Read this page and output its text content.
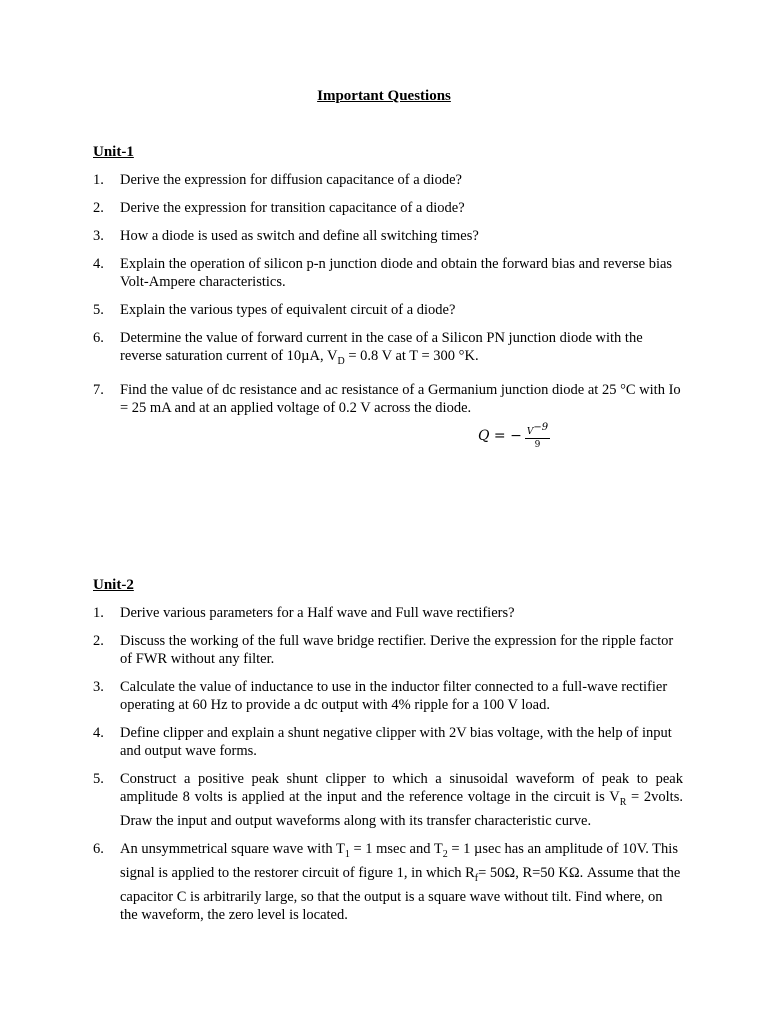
Important Questions
Unit-1
1.	Derive the expression for diffusion capacitance of a diode?
2.	Derive the expression for transition capacitance of a diode?
3.	How a diode is used as switch and define all switching times?
4.	Explain the operation of silicon p-n junction diode and obtain the forward bias and reverse bias Volt-Ampere characteristics.
5.	Explain the various types of equivalent circuit of a diode?
6.	Determine the value of forward current in the case of a Silicon PN junction diode with the reverse saturation current of 10µA, $V_D = 0.8$ V at T = 300 °K.
7.	Find the value of dc resistance and ac resistance of a Germanium junction diode at 25 °C with Io = 25 mA and at an applied voltage of 0.2 V across the diode.
Q = − $\frac{V^{-9}}{9}$
Unit-2
1.	Derive various parameters for a Half wave and Full wave rectifiers?
2.	Discuss the working of the full wave bridge rectifier. Derive the expression for the ripple factor of FWR without any filter.
3.	Calculate the value of inductance to use in the inductor filter connected to a full-wave rectifier operating at 60 Hz to provide a dc output with 4% ripple for a 100 V load.
4.	Define clipper and explain a shunt negative clipper with 2V bias voltage, with the help of input and output wave forms.
5.	Construct a positive peak shunt clipper to which a sinusoidal waveform of peak to peak amplitude 8 volts is applied at the input and the reference voltage in the circuit is $V_R$ = 2volts. Draw the input and output waveforms along with its transfer characteristic curve.
6.	An unsymmetrical square wave with $T_1 = 1$ msec and $T_2 = 1$ µsec has an amplitude of 10V. This signal is applied to the restorer circuit of figure 1, in which $R_f= 50\Omega$, R=50 KΩ. Assume that the capacitor C is arbitrarily large, so that the output is a square wave without tilt. Find where, on the waveform, the zero level is located.
